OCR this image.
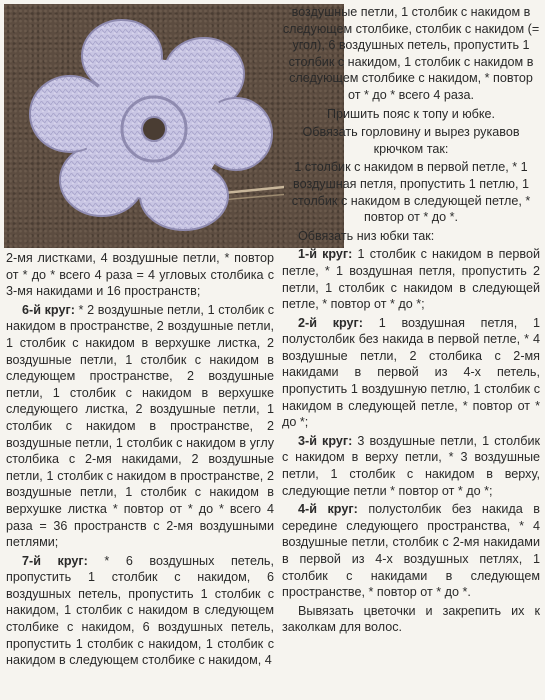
воздушные петли, 1 столбик с накидом в следующем столбике, столбик с накидом (= угол), 6 воздушных петель, пропустить 1 столбик с накидом, 1 столбик с накидом в следующем столбике с накидом, * повтор от * до * всего 4 раза.

Пришить пояс к топу и юбке.

Обвязать горловину и вырез рукавов крючком так:

1 столбик с накидом в первой петле, * 1 воздушная петля, пропустить 1 петлю, 1 столбик с накидом в следующей петле, * повтор от * до *.

Обвязать низ юбки так:

1-й круг: 1 столбик с накидом в первой петле, * 1 воздушная петля, пропустить 2 петли, 1 столбик с накидом в следующей петле, * повтор от * до *;

2-й круг: 1 воздушная петля, 1 полустолбик без накида в первой петле, * 4 воздушные петли, 2 столбика с 2-мя накидами в первой из 4-х петель, пропустить 1 воздушную петлю, 1 столбик с накидом в следующей петле, * повтор от * до *;

3-й круг: 3 воздушные петли, 1 столбик с накидом в верху петли, * 3 воздушные петли, 1 столбик с накидом в верху, следующие петли * повтор от * до *;

4-й круг: полустолбик без накида в середине следующего пространства, * 4 воздушные петли, столбик с 2-мя накидами в первой из 4-х воздушных петлях, 1 столбик с накидами в следующем пространстве, * повтор от * до *.

Вывязать цветочки и закрепить их к заколкам для волос.

2-мя листками, 4 воздушные петли, * повтор от * до * всего 4 раза = 4 угловых столбика с 3-мя накидами и 16 пространств;

6-й круг: * 2 воздушные петли, 1 столбик с накидом в пространстве, 2 воздушные петли, 1 столбик с накидом в верхушке листка, 2 воздушные петли, 1 столбик с накидом в следующем пространстве, 2 воздушные петли, 1 столбик с накидом в верхушке следующего листка, 2 воздушные петли, 1 столбик с накидом в пространстве, 2 воздушные петли, 1 столбик с накидом в углу столбика с 2-мя накидами, 2 воздушные петли, 1 столбик с накидом в пространстве, 2 воздушные петли, 1 столбик с накидом в верхушке листка * повтор от * до * всего 4 раза = 36 пространств с 2-мя воздушными петлями;

7-й круг: * 6 воздушных петель, пропустить 1 столбик с накидом, 6 воздушных петель, пропустить 1 столбик с накидом, 1 столбик с накидом в следующем столбике с накидом, 6 воздушных петель, пропустить 1 столбик с накидом, 1 столбик с накидом в следующем столбике с накидом, 4
